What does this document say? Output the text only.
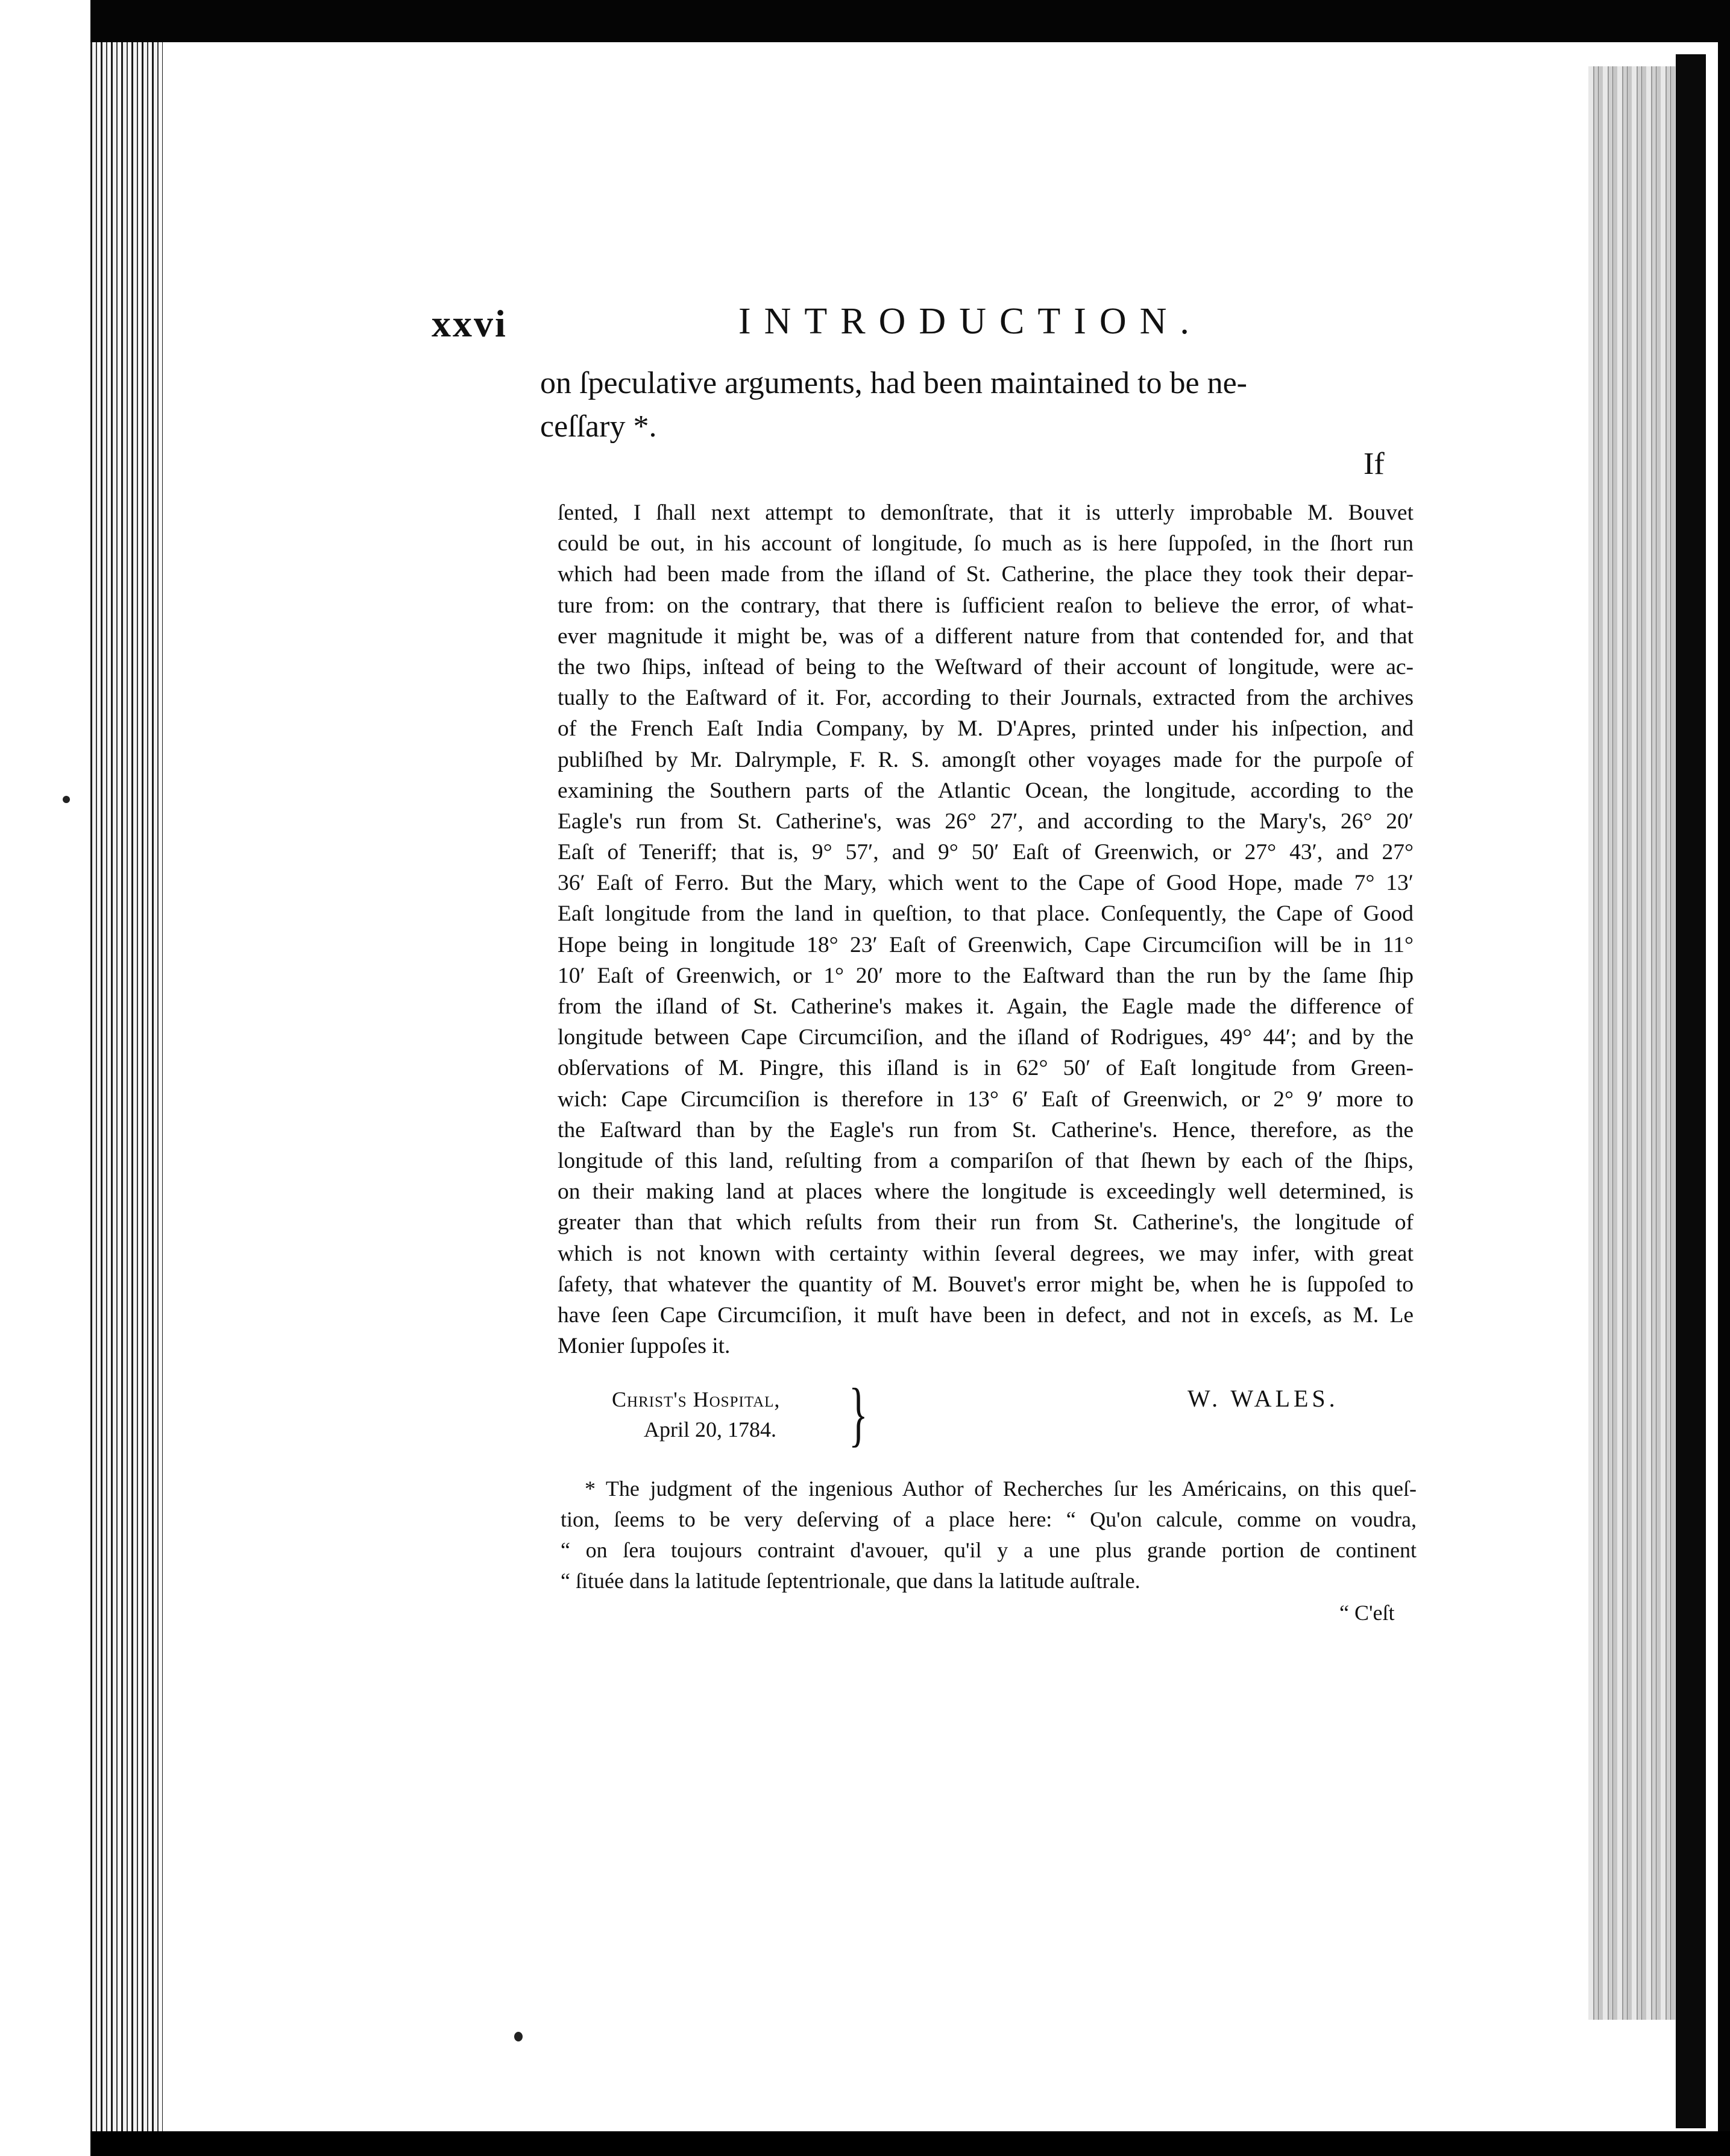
xxvi	INTRODUCTION.
on ſpeculative arguments, had been maintained to be ne-
ceſſary *.
If
ſented, I ſhall next attempt to demonſtrate, that it is utterly improbable M. Bouvet
could be out, in his account of longitude, ſo much as is here ſuppoſed, in the ſhort run
which had been made from the iſland of St. Catherine, the place they took their depar-
ture from: on the contrary, that there is ſufficient reaſon to believe the error, of what-
ever magnitude it might be, was of a different nature from that contended for, and that
the two ſhips, inſtead of being to the Weſtward of their account of longitude, were ac-
tually to the Eaſtward of it. For, according to their Journals, extracted from the archives
of the French Eaſt India Company, by M. D'Apres, printed under his inſpection, and
publiſhed by Mr. Dalrymple, F. R. S. amongſt other voyages made for the purpoſe of
examining the Southern parts of the Atlantic Ocean, the longitude, according to the
Eagle's run from St. Catherine's, was 26° 27′, and according to the Mary's, 26° 20′
Eaſt of Teneriff; that is, 9° 57′, and 9° 50′ Eaſt of Greenwich, or 27° 43′, and 27°
36′ Eaſt of Ferro. But the Mary, which went to the Cape of Good Hope, made 7° 13′
Eaſt longitude from the land in queſtion, to that place. Conſequently, the Cape of Good
Hope being in longitude 18° 23′ Eaſt of Greenwich, Cape Circumciſion will be in 11°
10′ Eaſt of Greenwich, or 1° 20′ more to the Eaſtward than the run by the ſame ſhip
from the iſland of St. Catherine's makes it. Again, the Eagle made the difference of
longitude between Cape Circumciſion, and the iſland of Rodrigues, 49° 44′; and by the
obſervations of M. Pingre, this iſland is in 62° 50′ of Eaſt longitude from Green-
wich: Cape Circumciſion is therefore in 13° 6′ Eaſt of Greenwich, or 2° 9′ more to
the Eaſtward than by the Eagle's run from St. Catherine's. Hence, therefore, as the
longitude of this land, reſulting from a compariſon of that ſhewn by each of the ſhips,
on their making land at places where the longitude is exceedingly well determined, is
greater than that which reſults from their run from St. Catherine's, the longitude of
which is not known with certainty within ſeveral degrees, we may infer, with great
ſafety, that whatever the quantity of M. Bouvet's error might be, when he is ſuppoſed to
have ſeen Cape Circumciſion, it muſt have been in defect, and not in exceſs, as M. Le
Monier ſuppoſes it.
Christ's Hospital,
April 20, 1784. }	W. WALES.
* The judgment of the ingenious Author of Recherches ſur les Américains, on this queſ-
tion, ſeems to be very deſerving of a place here: “ Qu'on calcule, comme on voudra,
“ on ſera toujours contraint d'avouer, qu'il y a une plus grande portion de continent
“ ſituée dans la latitude ſeptentrionale, que dans la latitude auſtrale.
“ C'eſt
